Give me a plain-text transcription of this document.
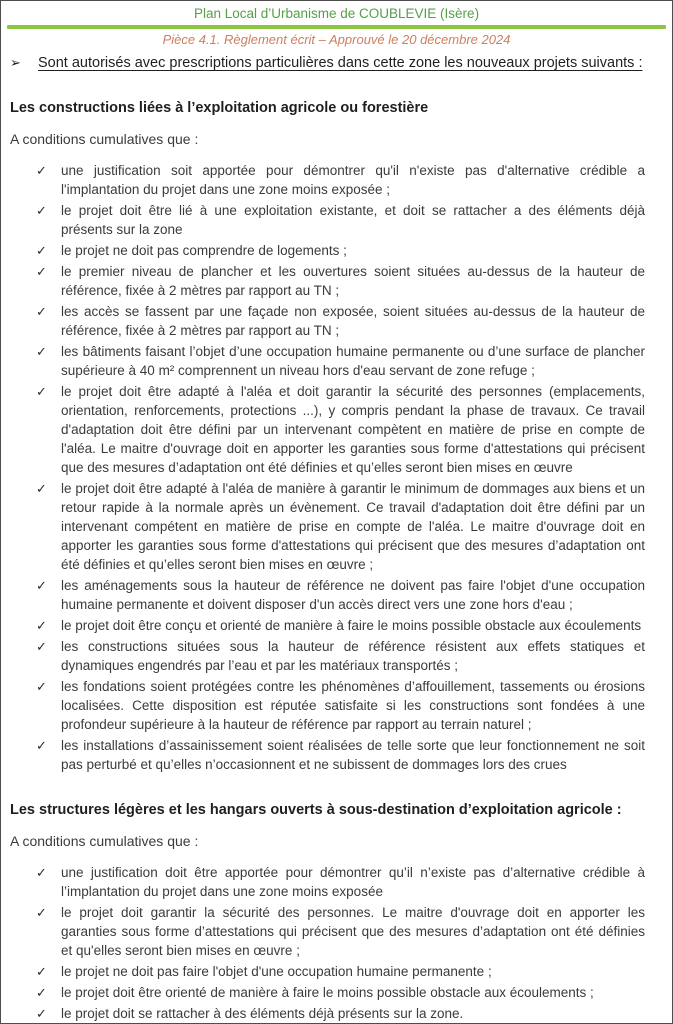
Plan Local d’Urbanisme de COUBLEVIE (Isère)
Pièce 4.1. Règlement écrit – Approuvé le 20 décembre 2024
➢	Sont autorisés avec prescriptions particulières dans cette zone les nouveaux projets suivants :
Les constructions liées à l’exploitation agricole ou forestière
A conditions cumulatives que :
✓	une justification soit apportée pour démontrer qu'il n'existe pas d'alternative crédible a l'implantation du projet dans une zone moins exposée ;
✓	le projet doit être lié à une exploitation existante, et doit se rattacher a des éléments déjà présents sur la zone
✓	le projet ne doit pas comprendre de logements ;
✓	le premier niveau de plancher et les ouvertures soient situées au-dessus de la hauteur de référence, fixée à 2 mètres par rapport au TN ;
✓	les accès se fassent par une façade non exposée, soient situées au-dessus de la hauteur de référence, fixée à 2 mètres par rapport au TN ;
✓	les bâtiments faisant l’objet d’une occupation humaine permanente ou d’une surface de plancher supérieure à 40 m² comprennent un niveau hors d'eau servant de zone refuge ;
✓	le projet doit être adapté à l'aléa et doit garantir la sécurité des personnes (emplacements, orientation, renforcements, protections ...), y compris pendant la phase de travaux. Ce travail d'adaptation doit être défini par un intervenant compètent en matière de prise en compte de l'aléa. Le maitre d'ouvrage doit en apporter les garanties sous forme d'attestations qui précisent que des mesures d’adaptation ont été définies et qu’elles seront bien mises en œuvre
✓	le projet doit être adapté à l'aléa de manière à garantir le minimum de dommages aux biens et un retour rapide à la normale après un évènement. Ce travail d'adaptation doit être défini par un intervenant compétent en matière de prise en compte de l'aléa. Le maitre d'ouvrage doit en apporter les garanties sous forme d'attestations qui précisent que des mesures d’adaptation ont été définies et qu’elles seront bien mises en œuvre ;
✓	les aménagements sous la hauteur de référence ne doivent pas faire l'objet d'une occupation humaine permanente et doivent disposer d'un accès direct vers une zone hors d'eau ;
✓	le projet doit être conçu et orienté de manière à faire le moins possible obstacle aux écoulements
✓	les constructions situées sous la hauteur de référence résistent aux effets statiques et dynamiques engendrés par l’eau et par les matériaux transportés ;
✓	les fondations soient protégées contre les phénomènes d’affouillement, tassements ou érosions localisées. Cette disposition est réputée satisfaite si les constructions sont fondées à une profondeur supérieure à la hauteur de référence par rapport au terrain naturel ;
✓	les installations d’assainissement soient réalisées de telle sorte que leur fonctionnement ne soit pas perturbé et qu’elles n’occasionnent et ne subissent de dommages lors des crues
Les structures légères et les hangars ouverts à sous-destination d’exploitation agricole :
A conditions cumulatives que :
✓	une justification doit être apportée pour démontrer qu’il n’existe pas d’alternative crédible à l’implantation du projet dans une zone moins exposée
✓	le projet doit garantir la sécurité des personnes. Le maitre d'ouvrage doit en apporter les garanties sous forme d’attestations qui précisent que des mesures d’adaptation ont été définies et qu'elles seront bien mises en œuvre ;
✓	le projet ne doit pas faire l'objet d'une occupation humaine permanente ;
✓	le projet doit être orienté de manière à faire le moins possible obstacle aux écoulements ;
✓	le projet doit se rattacher à des éléments déjà présents sur la zone.
